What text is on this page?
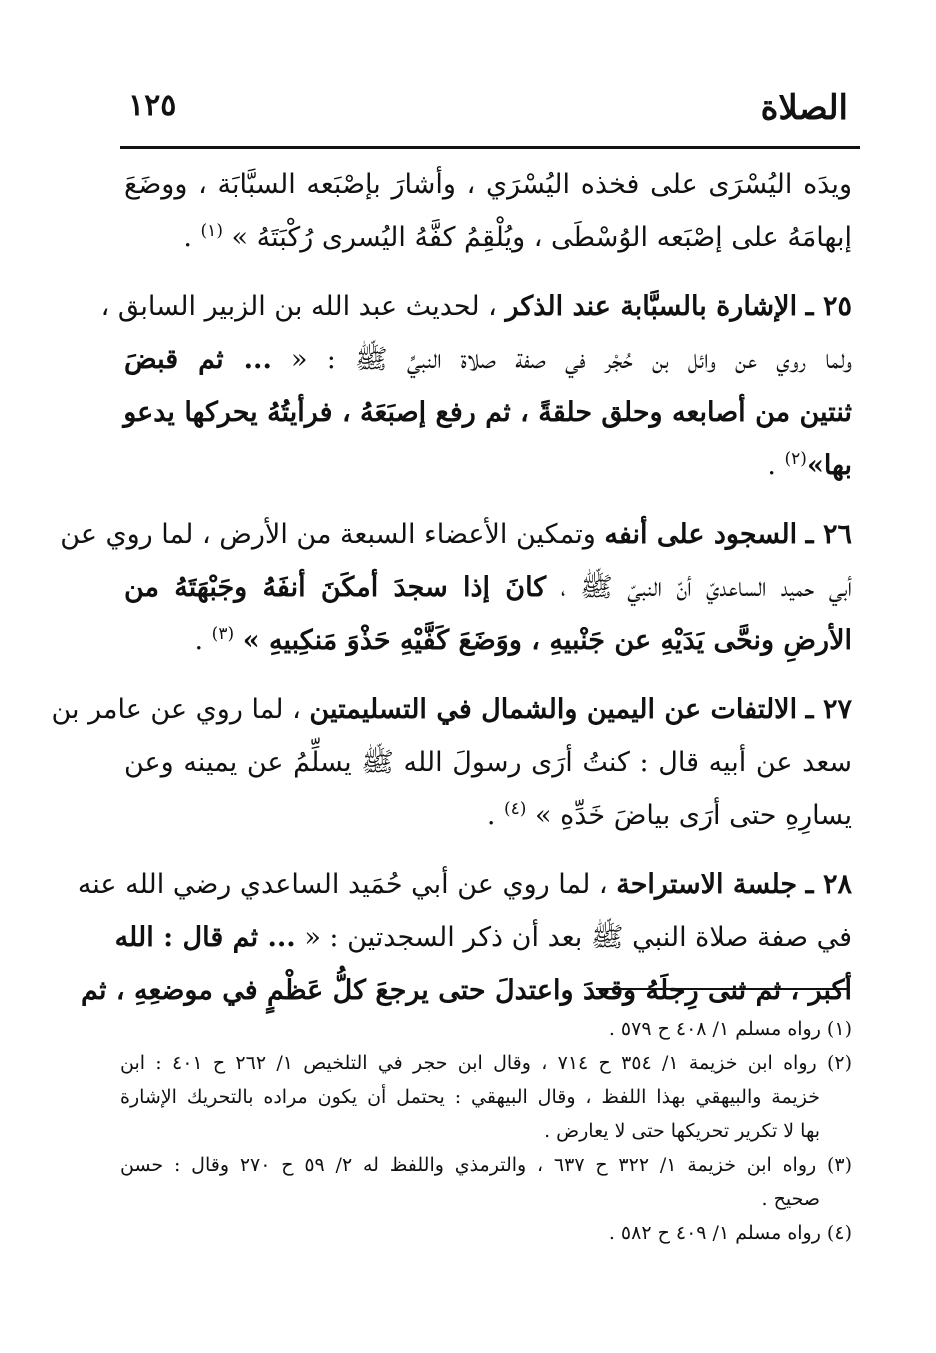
الصلاة
١٢٥
ويدَه اليُسْرَى على فخذه اليُسْرَي ، وأشارَ بإصْبَعه السبَّابَة ، ووضَعَ
إبهامَهُ على إصْبَعه الوُسْطَى ، ويُلْقِمُ كفَّهُ اليُسرى رُكْبَتَهُ » $^{(١)}$ .
٢٥ ـ الإشارة بالسبَّابة عند الذكر ، لحديث عبد الله بن الزبير السابق ،
ولما روي عن وائل بن حُجْر في صفة صلاة النبيِّ ﷺ : « ... ثم قبضَ
ثنتين من أصابعه وحلق حلقةً ، ثم رفع إصبَعَهُ ، فرأيتُهُ يحركها يدعو
بها»$^{(٢)}$ .
٢٦ ـ السجود على أنفه وتمكين الأعضاء السبعة من الأرض ، لما روي عن
أبي حميد الساعديّ أنّ النبيّ ﷺ ، كانَ إذا سجدَ أمكَنَ أنفَهُ وجَبْهَتَهُ من
الأرضِ ونحَّى يَدَيْهِ عن جَنْبيهِ ، ووَضَعَ كَفَّيْهِ حَذْوَ مَنكِبيهِ » $^{(٣)}$ .
٢٧ ـ الالتفات عن اليمين والشمال في التسليمتين ، لما روي عن عامر بن
سعد عن أبيه قال : كنتُ أرَى رسولَ الله ﷺ يسلِّمُ عن يمينه وعن
يسارِهِ حتى أرَى بياضَ خَدِّهِ » $^{(٤)}$ .
٢٨ ـ جلسة الاستراحة ، لما روي عن أبي حُمَيد الساعدي رضي الله عنه
في صفة صلاة النبي ﷺ بعد أن ذكر السجدتين : « ... ثم قال : الله
أكبر ، ثم ثنى رِجلَهُ وقعدَ واعتدلَ حتى يرجعَ كلُّ عَظْمٍ في موضعِهِ ، ثم
(١) رواه مسلم ١/ ٤٠٨ ح ٥٧٩ .
(٢) رواه ابن خزيمة ١/ ٣٥٤ ح ٧١٤ ، وقال ابن حجر في التلخيص ١/ ٢٦٢ ح ٤٠١ : ابن
خزيمة والبيهقي بهذا اللفظ ، وقال البيهقي : يحتمل أن يكون مراده بالتحريك الإشارة
بها لا تكرير تحريكها حتى لا يعارض .
(٣) رواه ابن خزيمة ١/ ٣٢٢ ح ٦٣٧ ، والترمذي واللفظ له ٢/ ٥٩ ح ٢٧٠ وقال : حسن
صحيح .
(٤) رواه مسلم ١/ ٤٠٩ ح ٥٨٢ .
